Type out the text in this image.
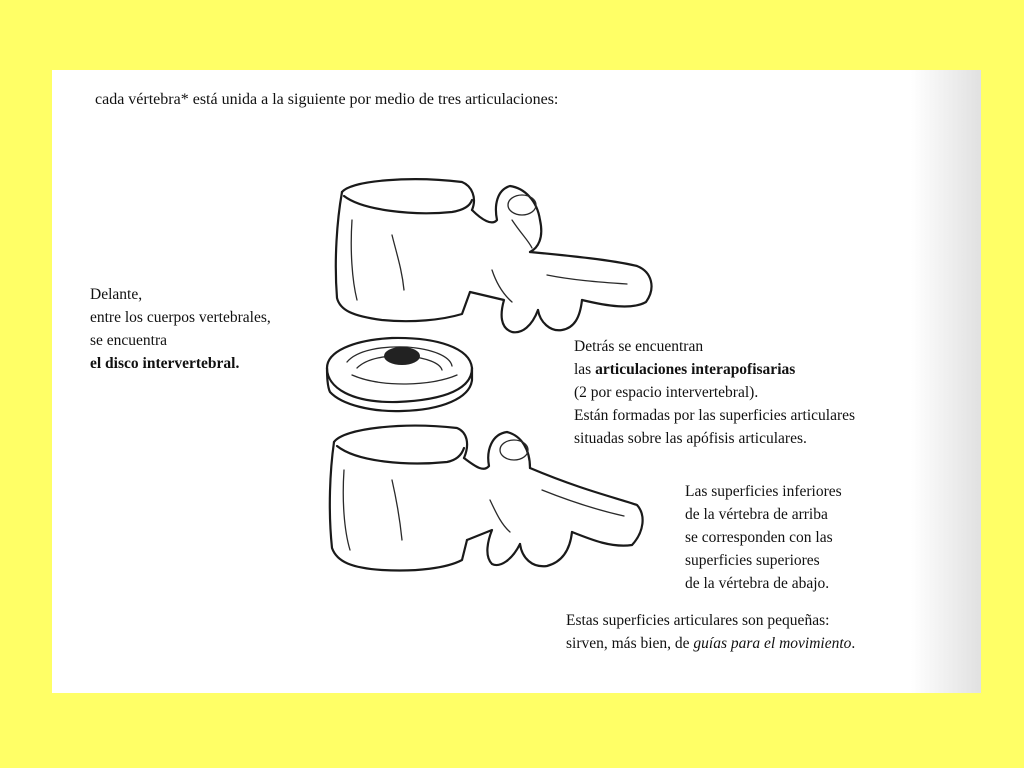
cada vértebra* está unida a la siguiente por medio de tres articulaciones:
Delante,
entre los cuerpos vertebrales,
se encuentra
el disco intervertebral.
Detrás se encuentran
las articulaciones interapofisarias
(2 por espacio intervertebral).
Están formadas por las superficies articulares
situadas sobre las apófisis articulares.
Las superficies inferiores
de la vértebra de arriba
se corresponden con las
superficies superiores
de la vértebra de abajo.
Estas superficies articulares son pequeñas:
sirven, más bien, de guías para el movimiento.
